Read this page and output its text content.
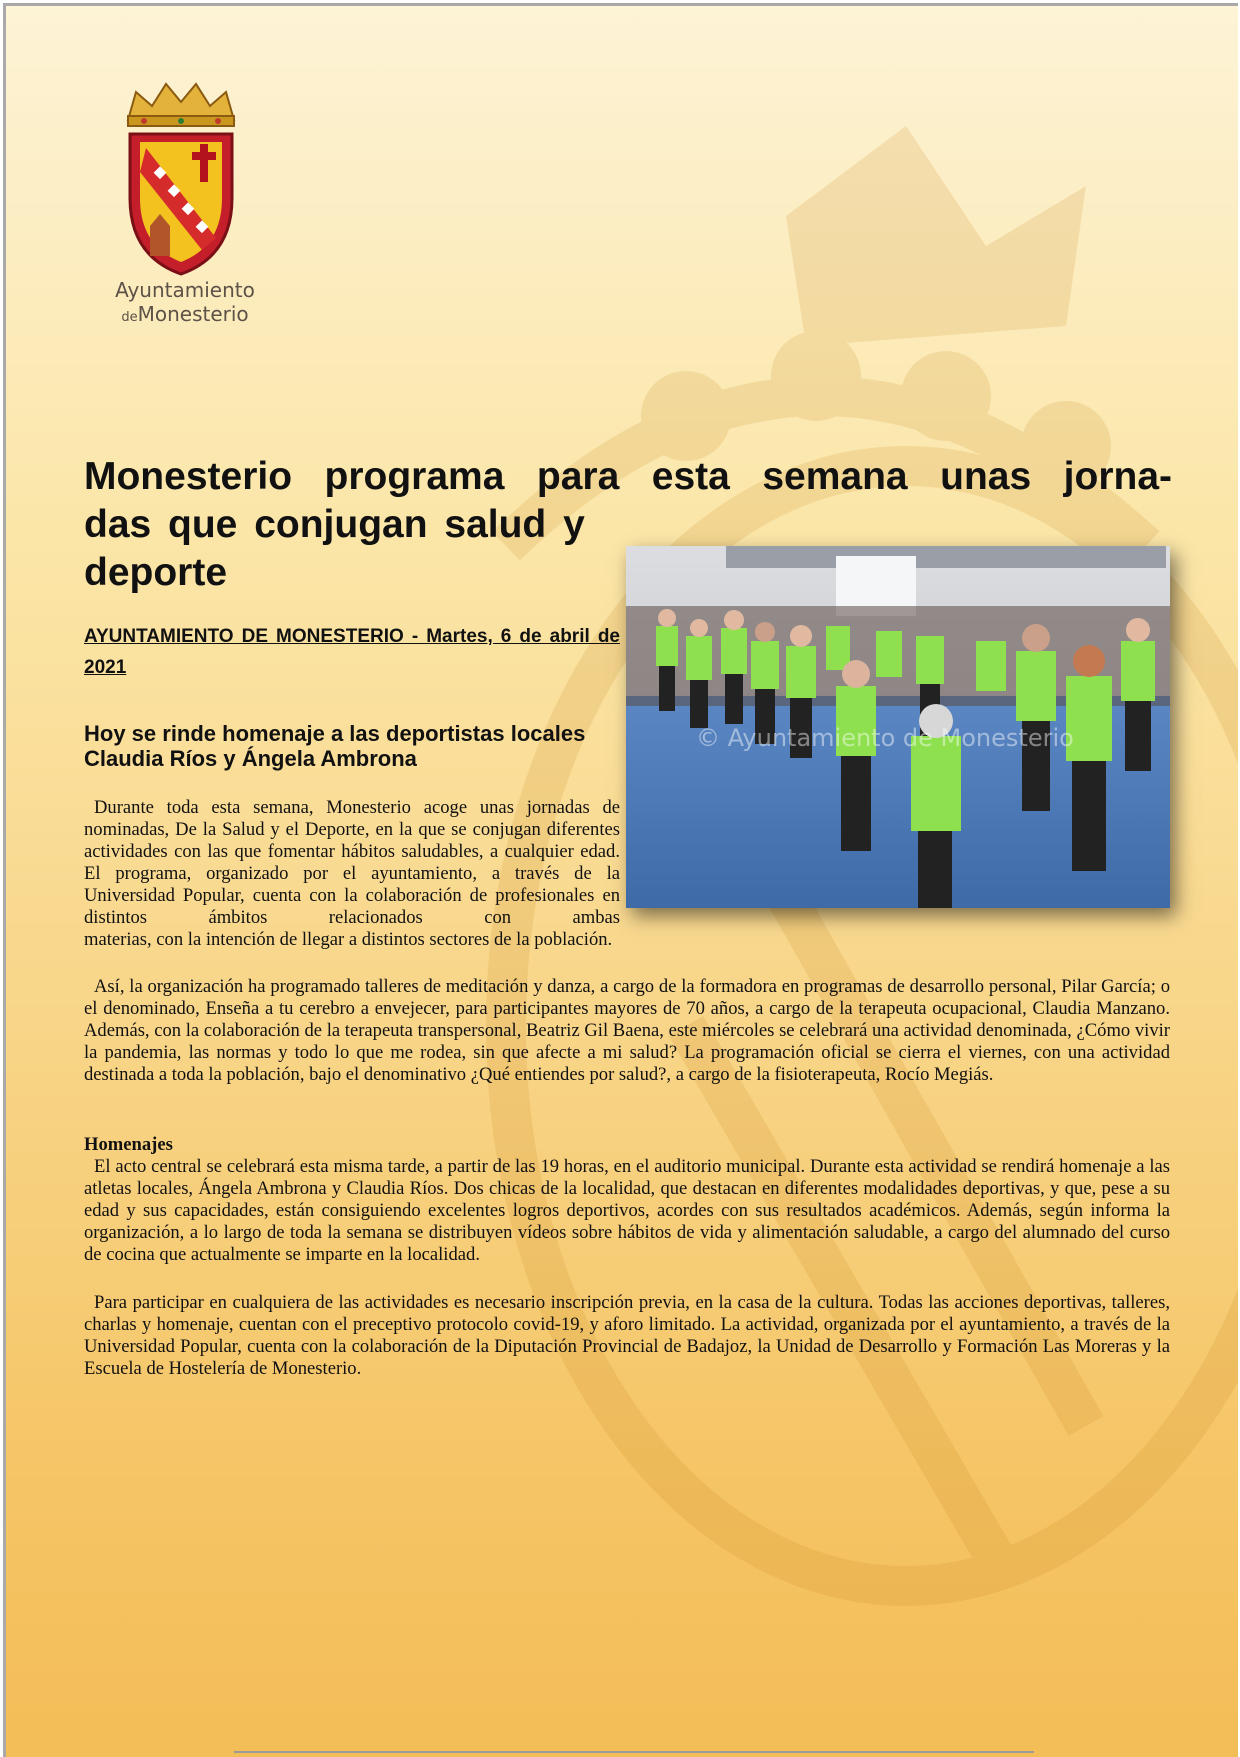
Ayuntamiento
deMonesterio
Monesterio programa para esta semana unas jorna-
das que conjugan salud y
deporte
© Ayuntamiento de Monesterio

AYUNTAMIENTO DE MONESTERIO - Martes, 6 de abril de 2021

Hoy se rinde homenaje a las deportistas locales Claudia Ríos y Ángela Ambrona

Durante toda esta semana, Monesterio acoge unas jornadas de nominadas, De la Salud y el Deporte, en la que se conjugan diferentes actividades con las que fomentar hábitos saludables, a cualquier edad. El programa, organizado por el ayuntamiento, a través de la Universidad Popular, cuenta con la colaboración de profesionales en distintos ámbitos relacionados con ambas

materias, con la intención de llegar a distintos sectores de la población.

Así, la organización ha programado talleres de meditación y danza, a cargo de la formadora en programas de desarrollo personal, Pilar García; o el denominado, Enseña a tu cerebro a envejecer, para participantes mayores de 70 años, a cargo de la terapeuta ocupacional, Claudia Manzano. Además, con la colaboración de la terapeuta transpersonal, Beatriz Gil Baena, este miércoles se celebrará una actividad denominada, ¿Cómo vivir la pandemia, las normas y todo lo que me rodea, sin que afecte a mi salud? La programación oficial se cierra el viernes, con una actividad destinada a toda la población, bajo el denominativo ¿Qué entiendes por salud?, a cargo de la fisioterapeuta, Rocío Megiás.

Homenajes

El acto central se celebrará esta misma tarde, a partir de las 19 horas, en el auditorio municipal. Durante esta actividad se rendirá homenaje a las atletas locales, Ángela Ambrona y Claudia Ríos. Dos chicas de la localidad, que destacan en diferentes modalidades deportivas, y que, pese a su edad y sus capacidades, están consiguiendo excelentes logros deportivos, acordes con sus resultados académicos. Además, según informa la organización, a lo largo de toda la semana se distribuyen vídeos sobre hábitos de vida y alimentación saludable, a cargo del alumnado del curso de cocina que actualmente se imparte en la localidad.

Para participar en cualquiera de las actividades es necesario inscripción previa, en la casa de la cultura. Todas las acciones deportivas, talleres, charlas y homenaje, cuentan con el preceptivo protocolo covid-19, y aforo limitado. La actividad, organizada por el ayuntamiento, a través de la Universidad Popular, cuenta con la colaboración de la Diputación Provincial de Badajoz, la Unidad de Desarrollo y Formación Las Moreras y la Escuela de Hostelería de Monesterio.
